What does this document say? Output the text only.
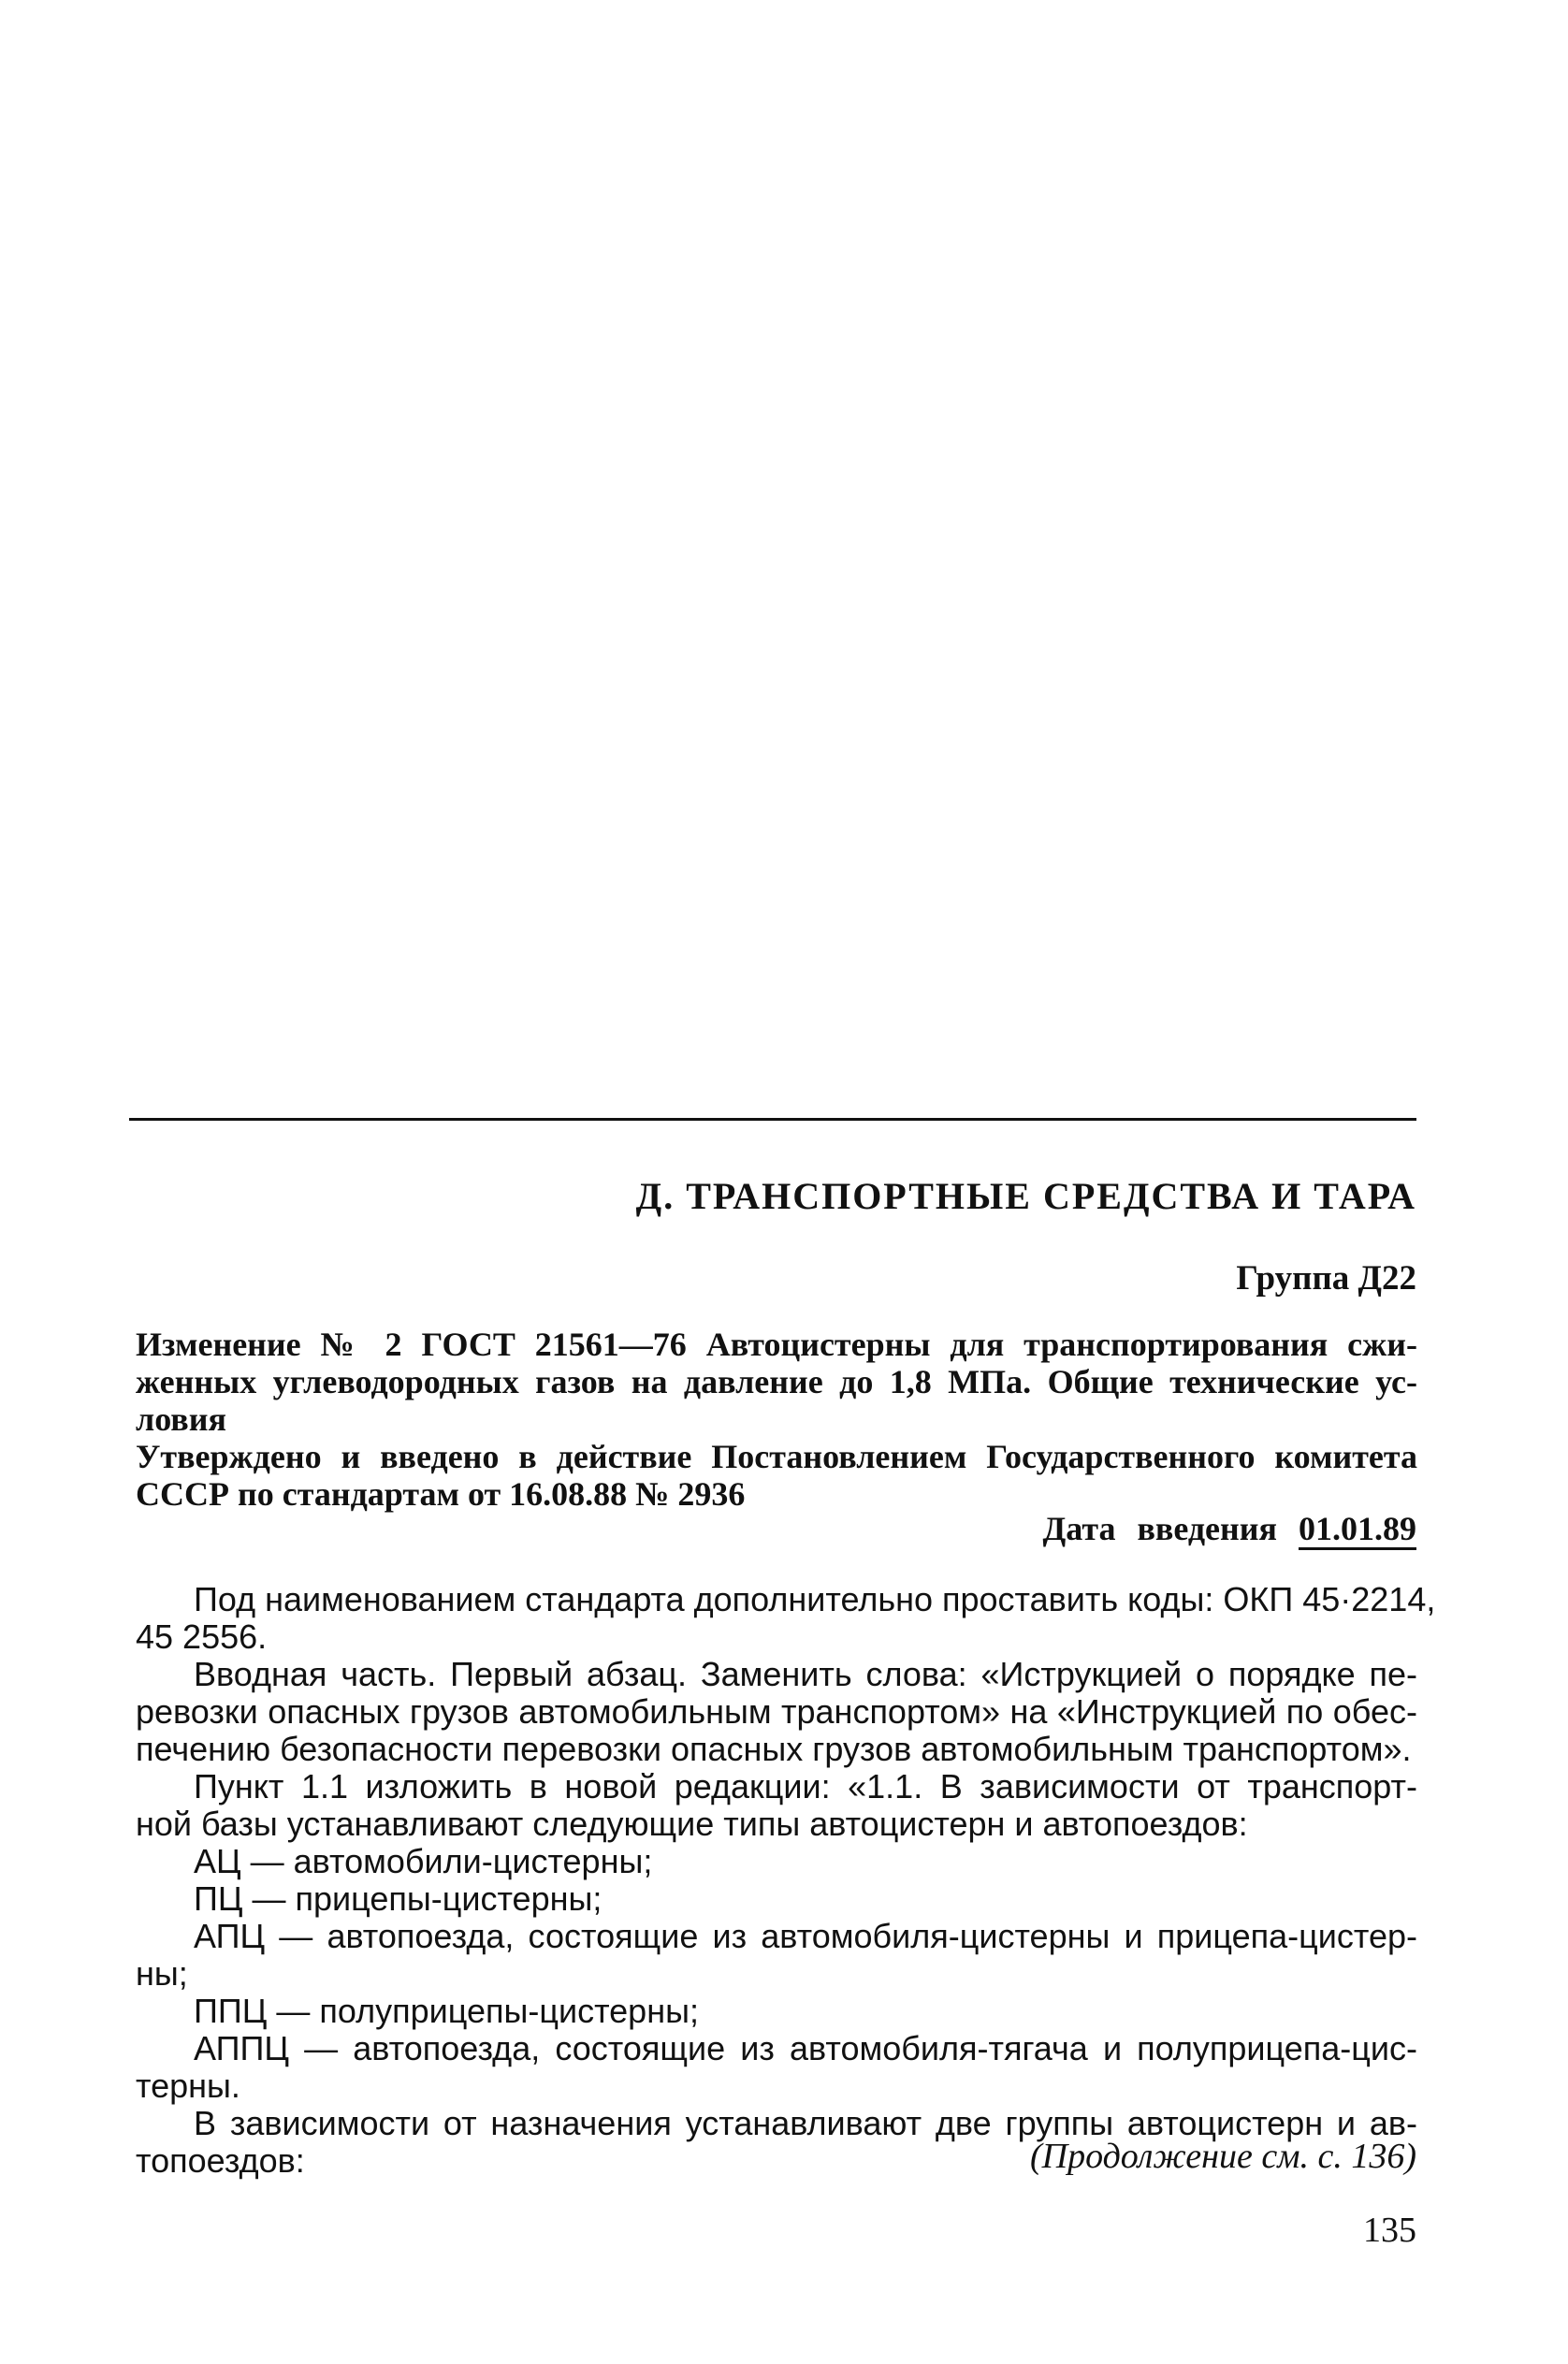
Д. ТРАНСПОРТНЫЕ СРЕДСТВА И ТАРА
Группа Д22
Изменение № 2 ГОСТ 21561—76 Автоцистерны для транспортирования сжи-
женных углеводородных газов на давление до 1,8 МПа. Общие технические ус-
ловия
Утверждено и введено в действие Постановлением Государственного комитета
СССР по стандартам от 16.08.88 № 2936
Дата введения 01.01.89
Под наименованием стандарта дополнительно проставить коды: ОКП 45·2214,
45 2556.
Вводная часть. Первый абзац. Заменить слова: «Иструкцией о порядке пе-
ревозки опасных грузов автомобильным транспортом» на «Инструкцией по обес-
печению безопасности перевозки опасных грузов автомобильным транспортом».
Пункт 1.1 изложить в новой редакции: «1.1. В зависимости от транспорт-
ной базы устанавливают следующие типы автоцистерн и автопоездов:
АЦ — автомобили-цистерны;
ПЦ — прицепы-цистерны;
АПЦ — автопоезда, состоящие из автомобиля-цистерны и прицепа-цистер-
ны;
ППЦ — полуприцепы-цистерны;
АППЦ — автопоезда, состоящие из автомобиля-тягача и полуприцепа-цис-
терны.
В зависимости от назначения устанавливают две группы автоцистерн и ав-
топоездов:	(Продолжение см. с. 136)
135
